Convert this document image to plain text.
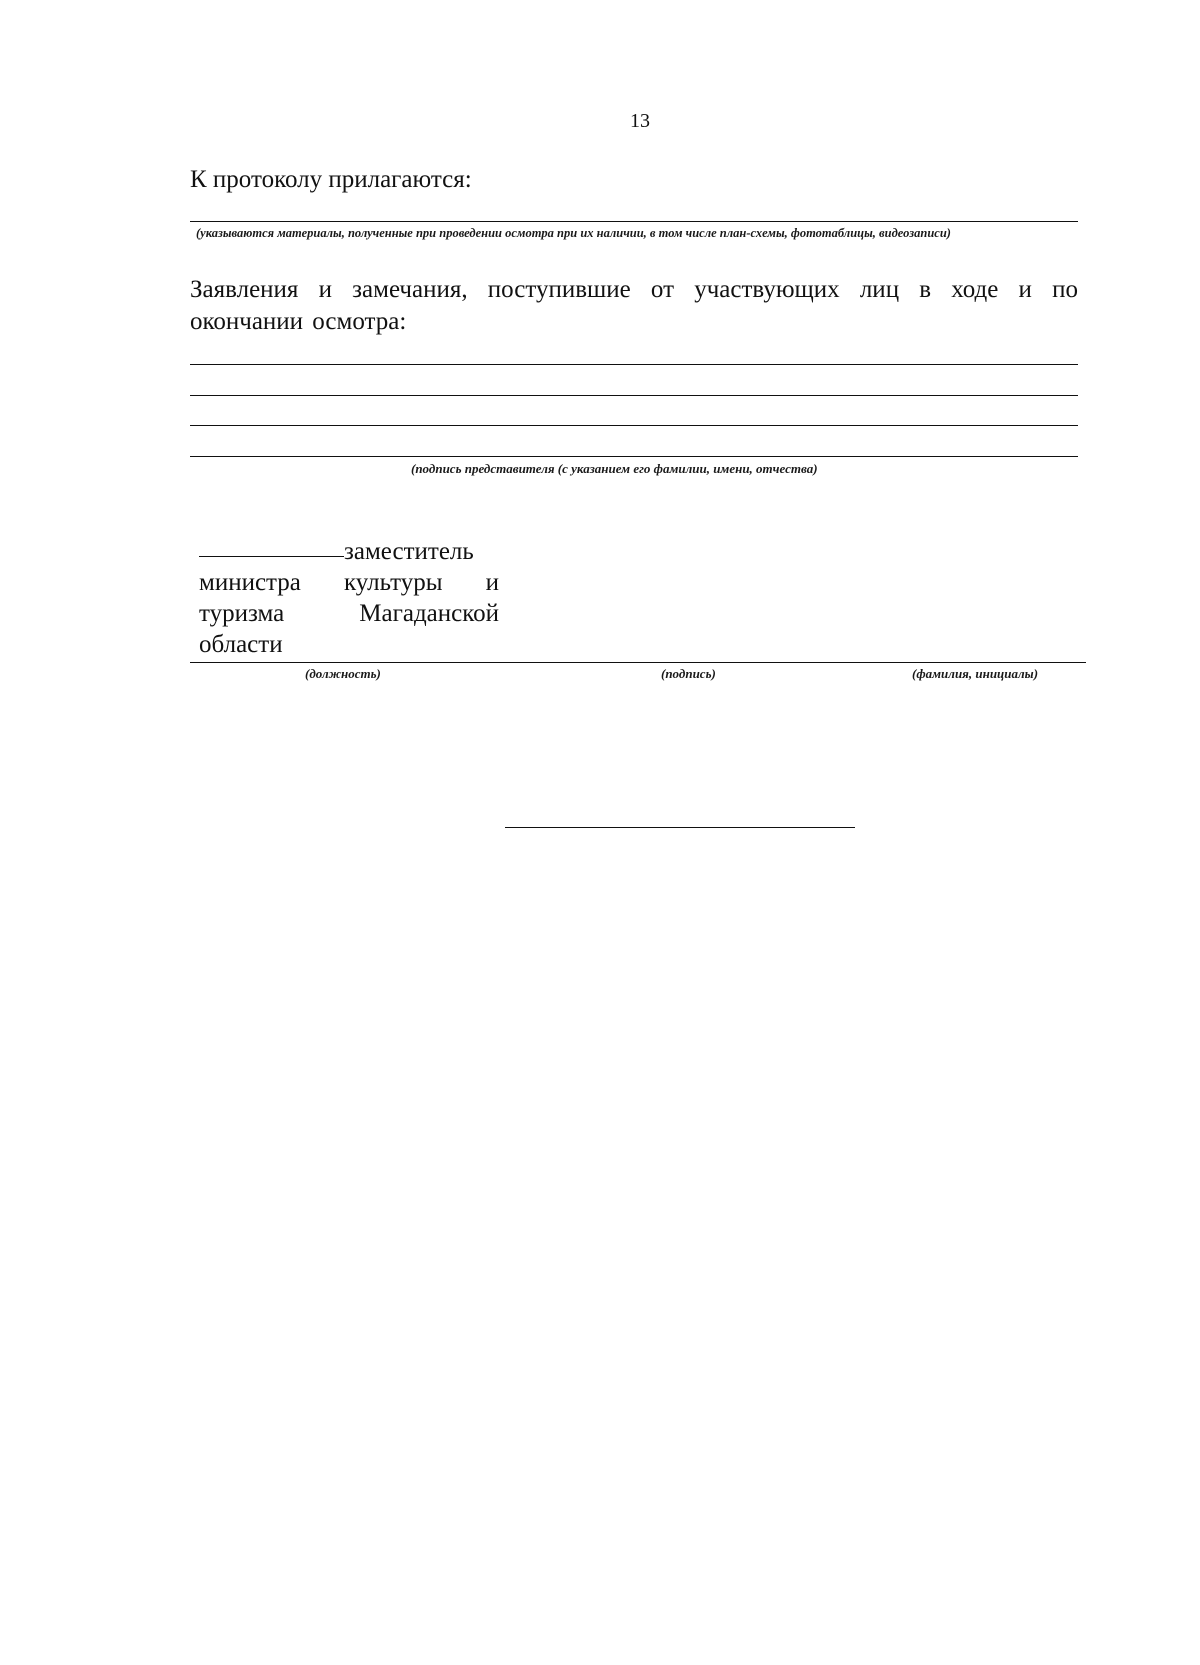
13
К протоколу прилагаются:
(указываются материалы, полученные при проведении осмотра при их наличии, в том числе план-схемы, фототаблицы, видеозаписи)
Заявления и замечания, поступившие от участвующих лиц в ходе и по окончании осмотра:
(подпись представителя (с указанием его фамилии, имени, отчества)
заместитель
министра культуры и
туризма	Магаданской
области
(должность)	(подпись)	(фамилия, инициалы)
